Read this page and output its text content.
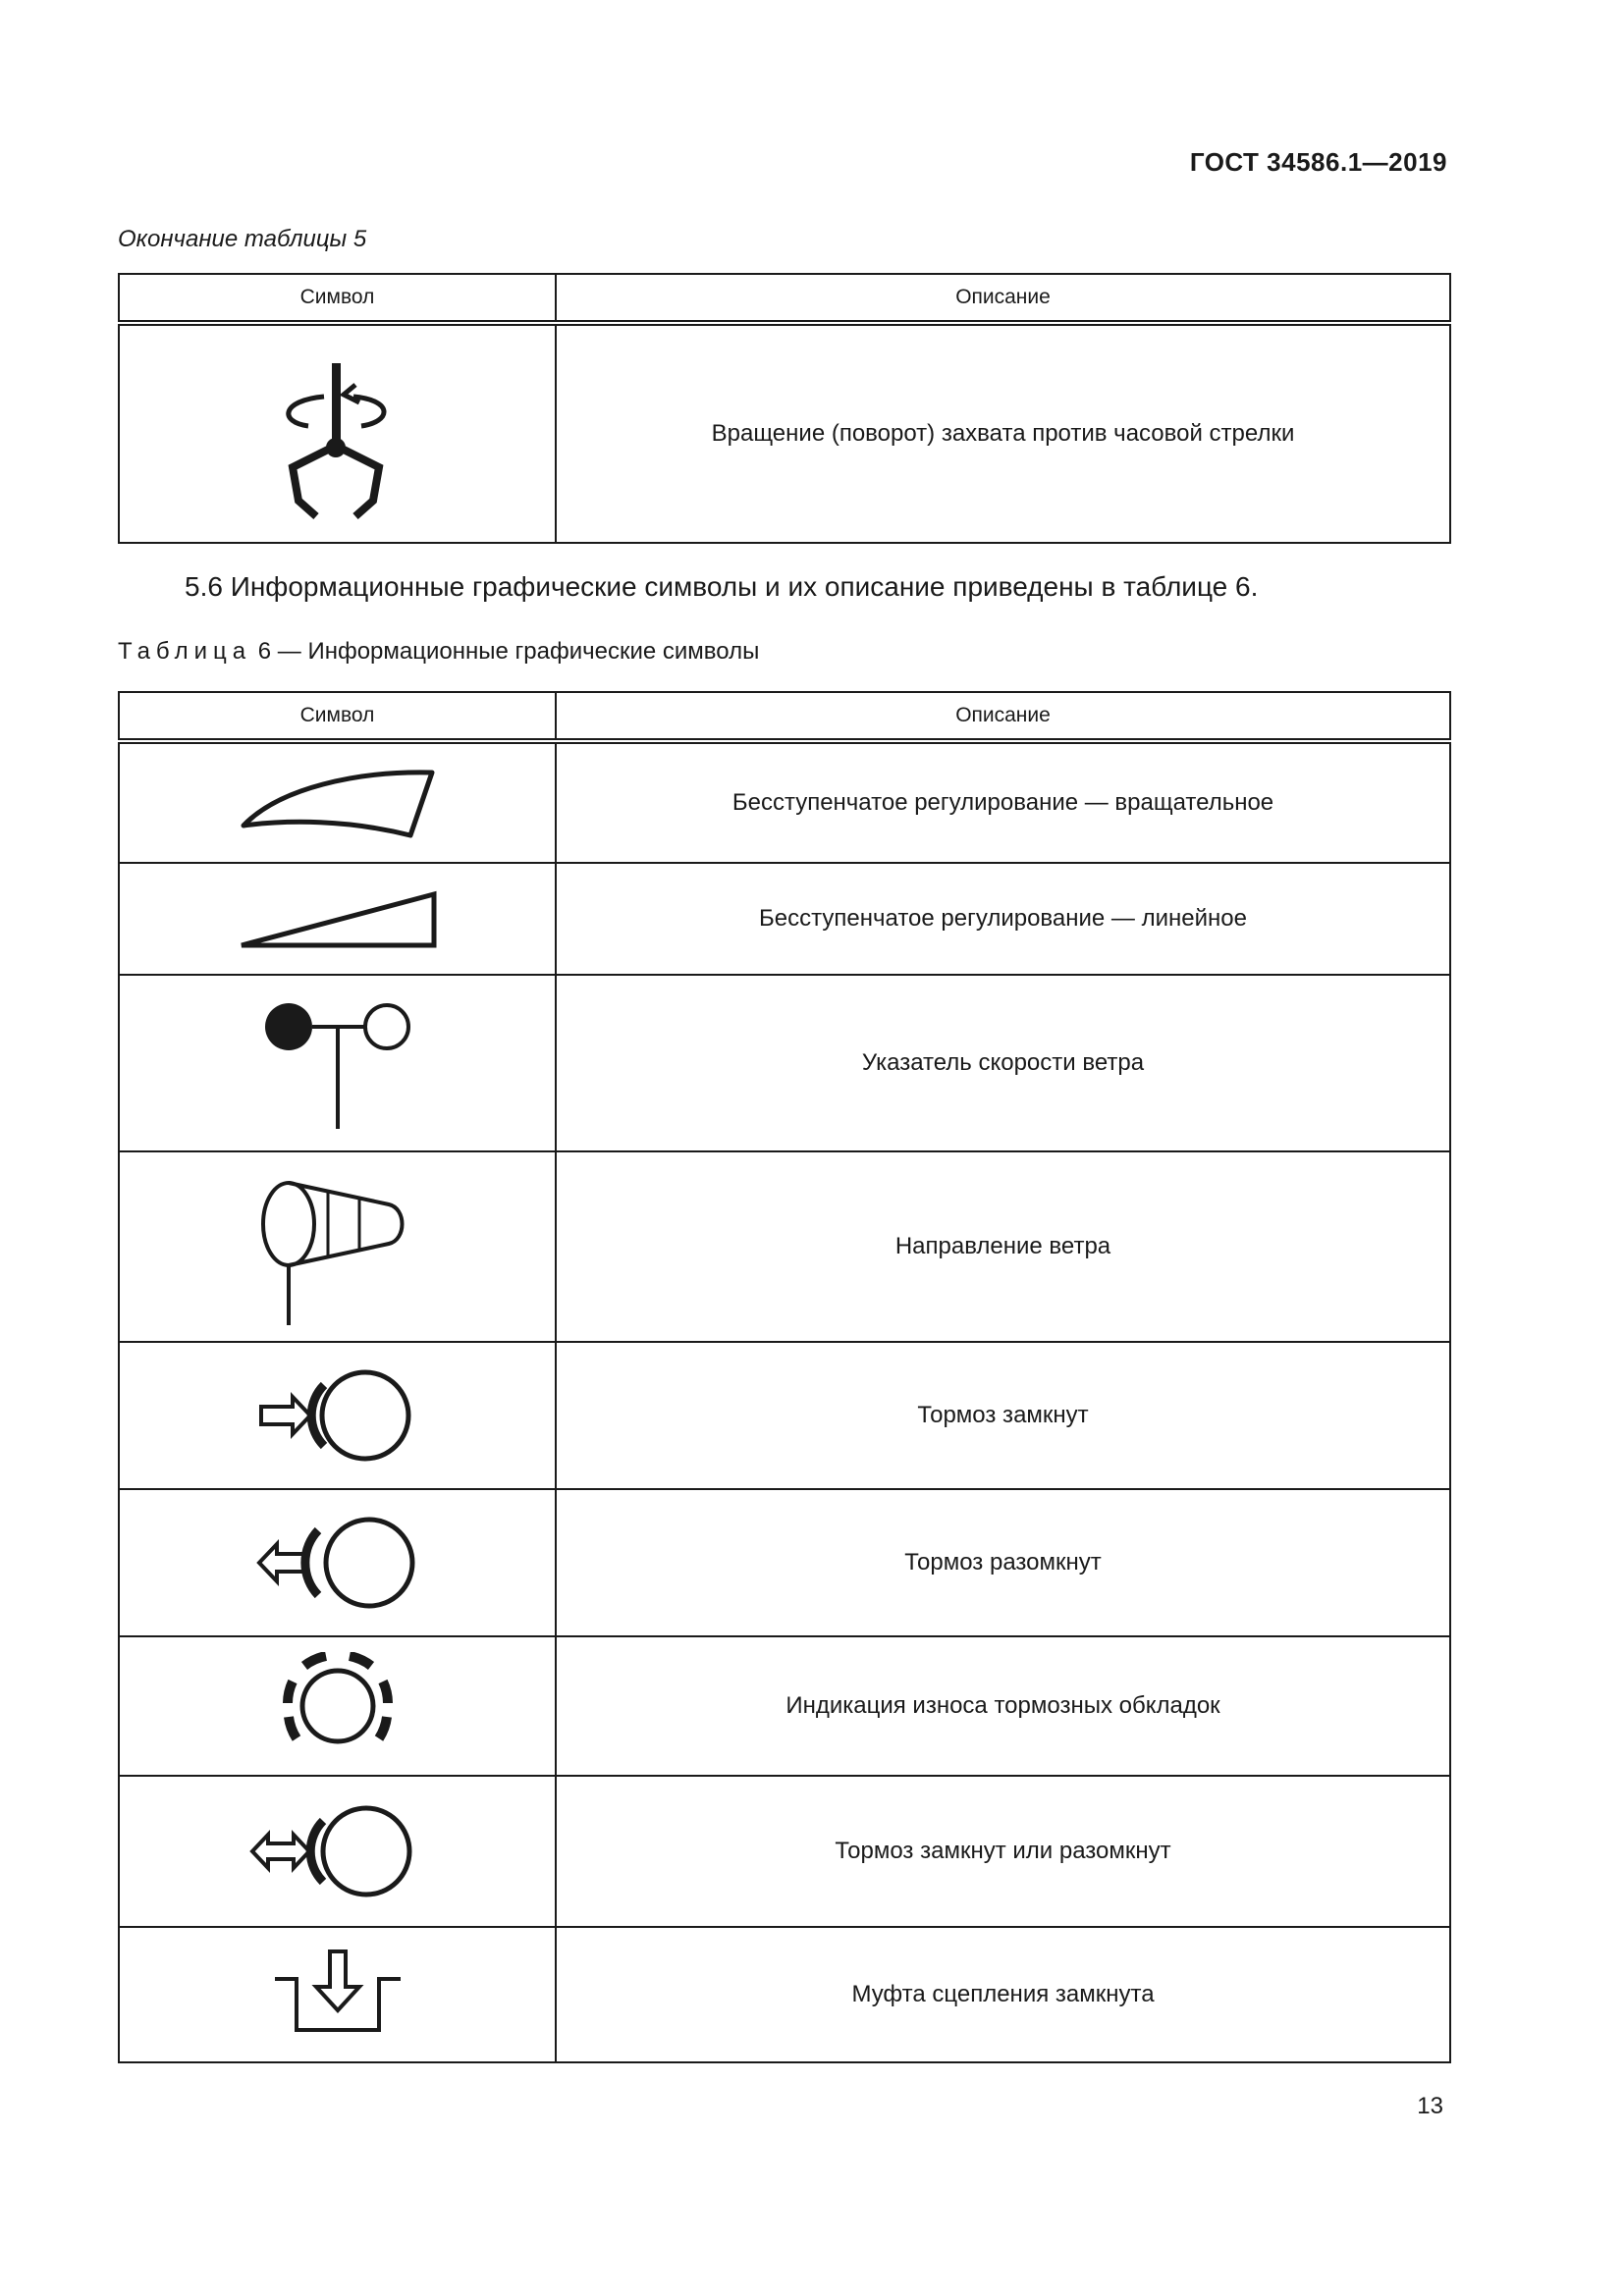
ГОСТ 34586.1—2019
Окончание таблицы 5
Символ	Описание

	Вращение (поворот) захвата против часовой стрелки
5.6 Информационные графические символы и их описание приведены в таблице 6.
Таблица 6 — Информационные графические символы
Символ	Описание

	Бесступенчатое регулирование — вращательное

	Бесступенчатое регулирование — линейное

	Указатель скорости ветра

	Направление ветра

	Тормоз замкнут

	Тормоз разомкнут

	Индикация износа тормозных обкладок

	Тормоз замкнут или разомкнут

	Муфта сцепления замкнута
13
